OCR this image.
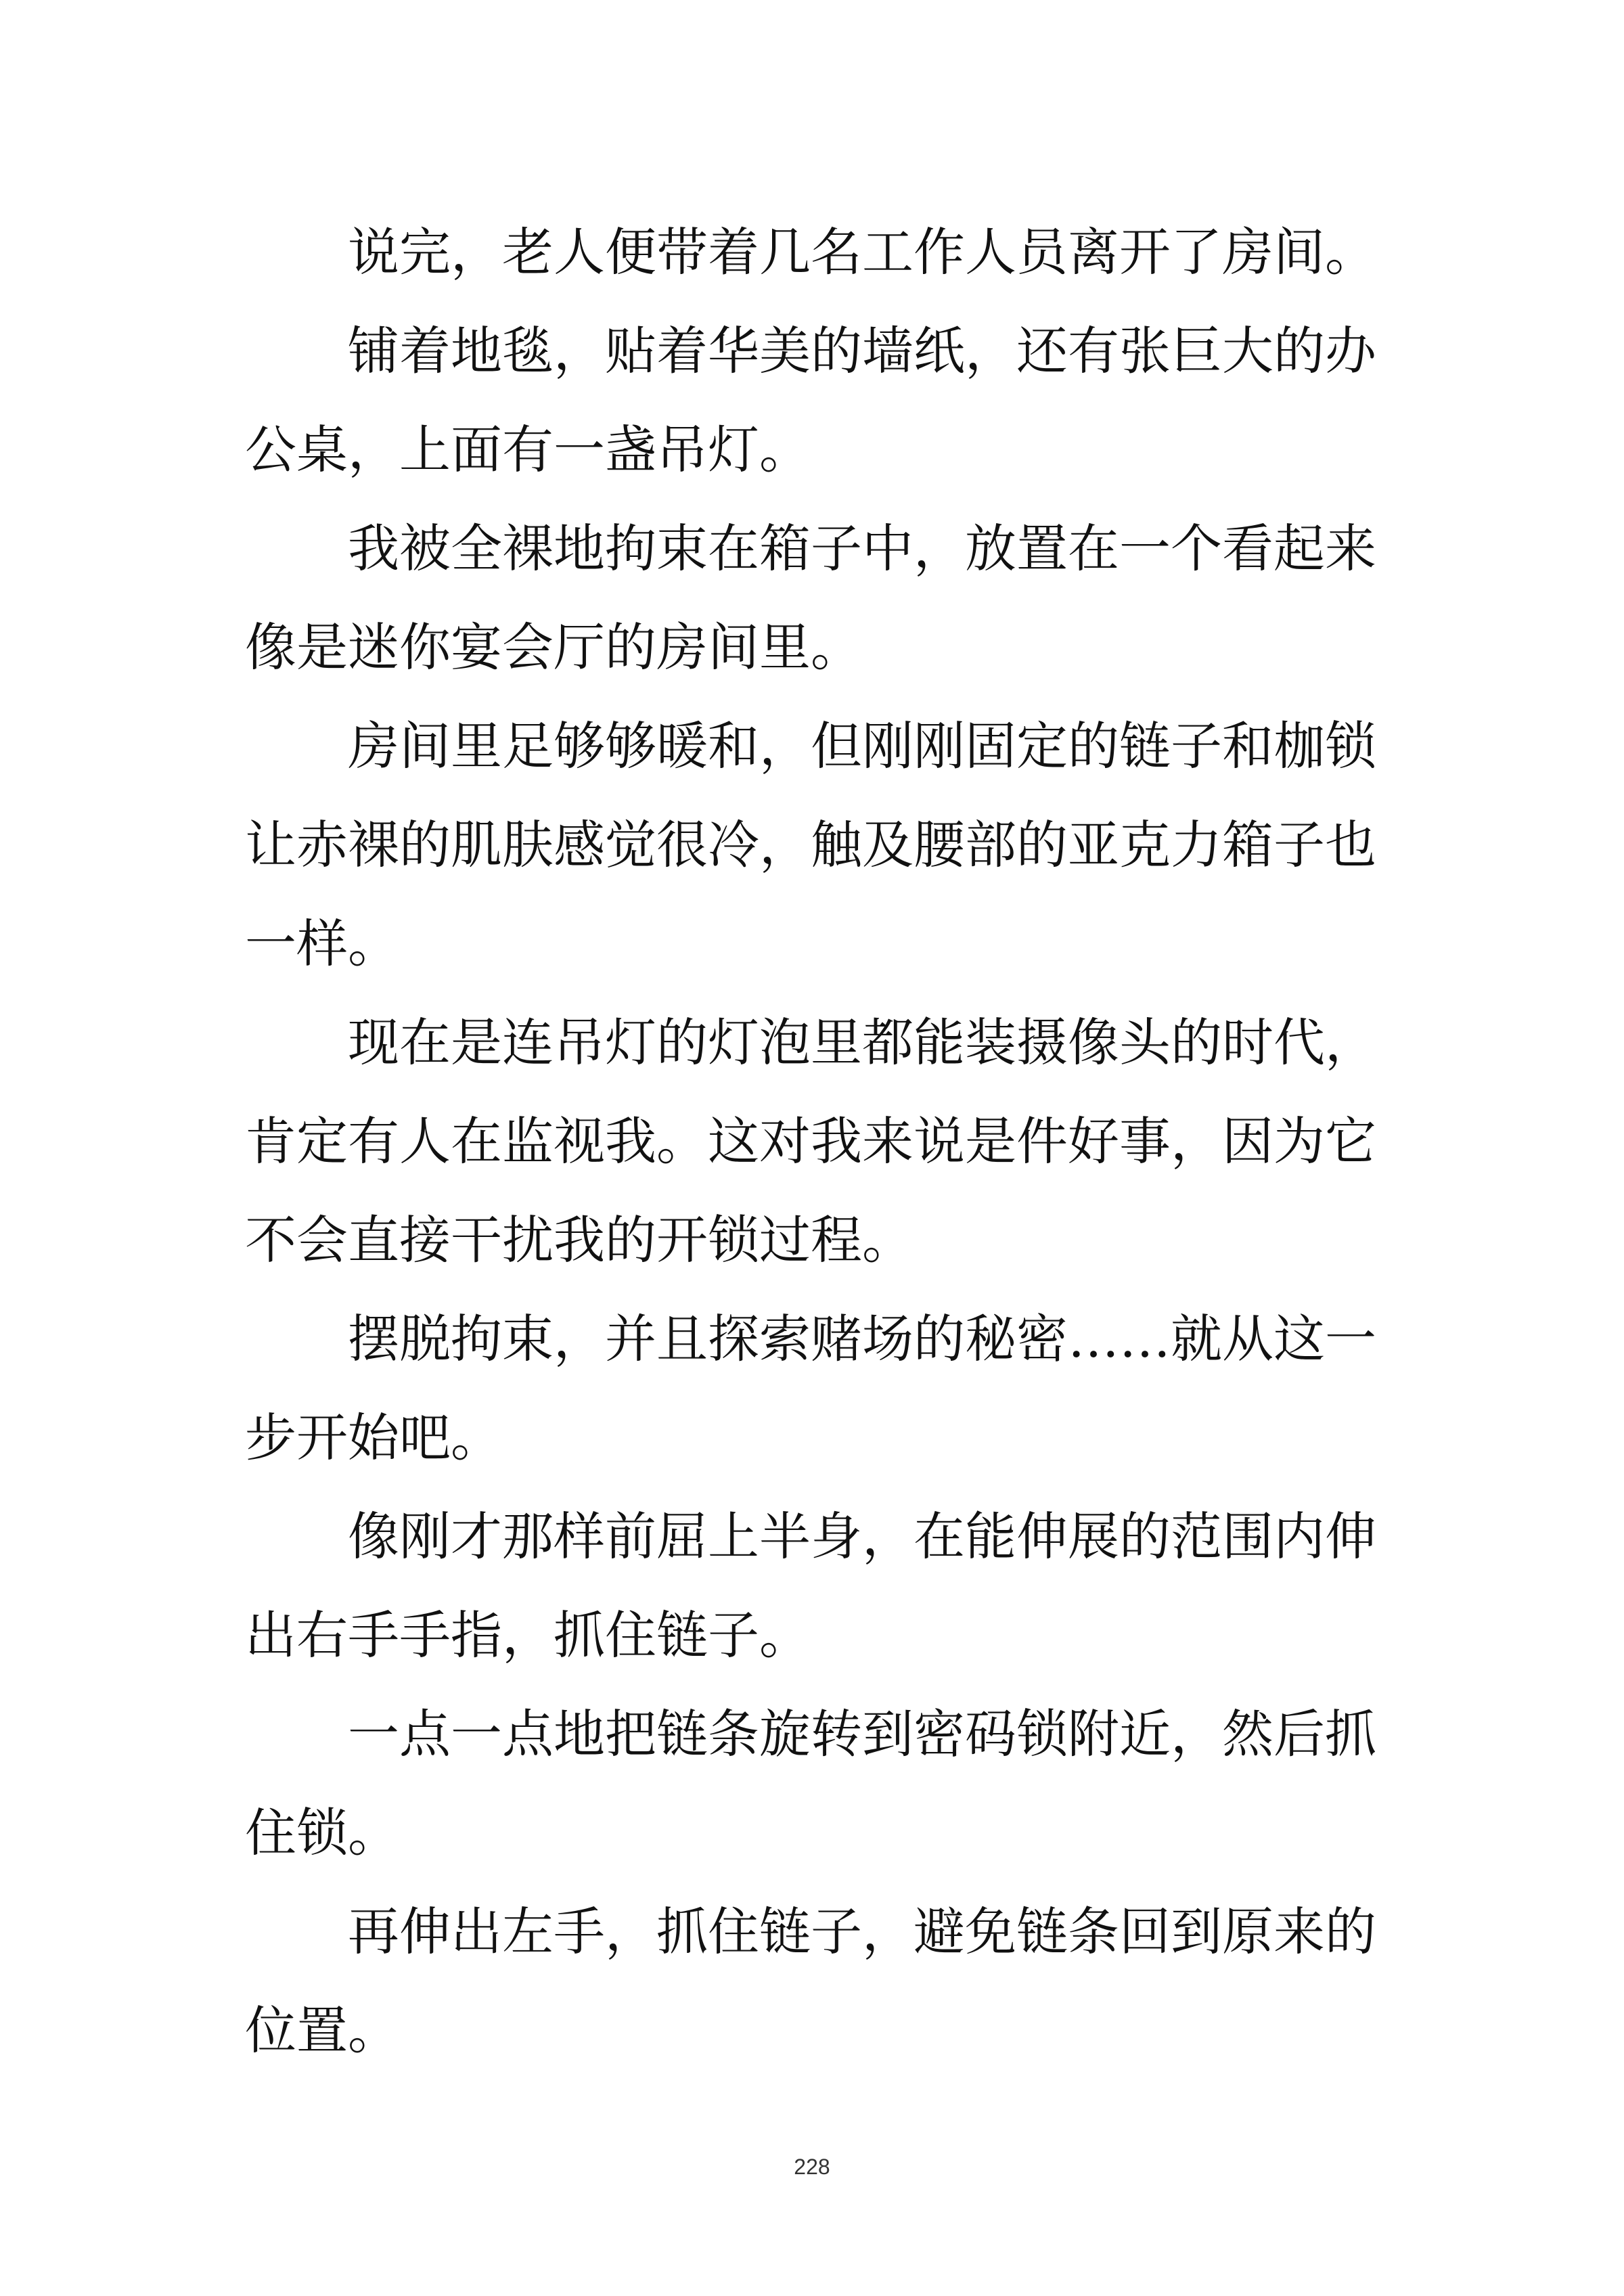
说完，老人便带着几名工作人员离开了房间。

铺着地毯，贴着华美的墙纸，还有张巨大的办公桌，上面有一盏吊灯。

我被全裸地拘束在箱子中，放置在一个看起来像是迷你宴会厅的房间里。

房间里足够够暖和，但刚刚固定的链子和枷锁让赤裸的肌肤感觉很冷，触及腰部的亚克力箱子也一样。

现在是连吊灯的灯泡里都能装摄像头的时代，肯定有人在监视我。这对我来说是件好事，因为它不会直接干扰我的开锁过程。

摆脱拘束，并且探索赌场的秘密……就从这一步开始吧。

像刚才那样前屈上半身，在能伸展的范围内伸出右手手指，抓住链子。

一点一点地把链条旋转到密码锁附近，然后抓住锁。

再伸出左手，抓住链子，避免链条回到原来的位置。

228
